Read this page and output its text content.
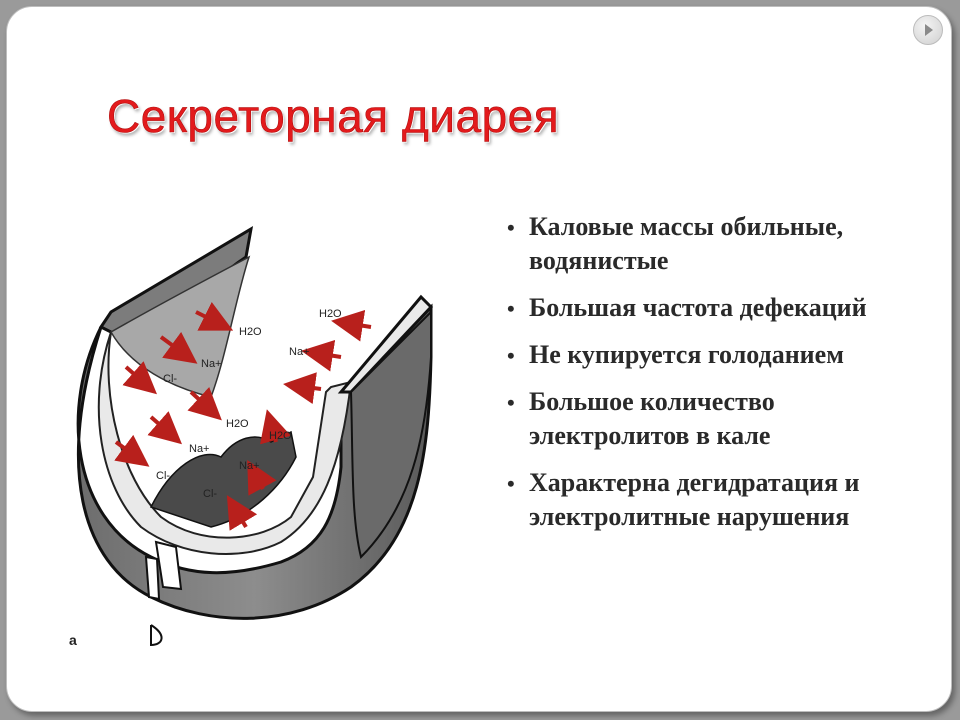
Секреторная диарея
• Каловые массы обильные, водянистые
• Большая частота дефекаций
• Не купируется голоданием
• Большое количество электролитов в кале
• Характерна дегидратация и электролитные нарушения
H2O
Na+
Cl-
H2O
Na+
Cl-
H2O
Na+
H2O
Na+
Cl-
a
